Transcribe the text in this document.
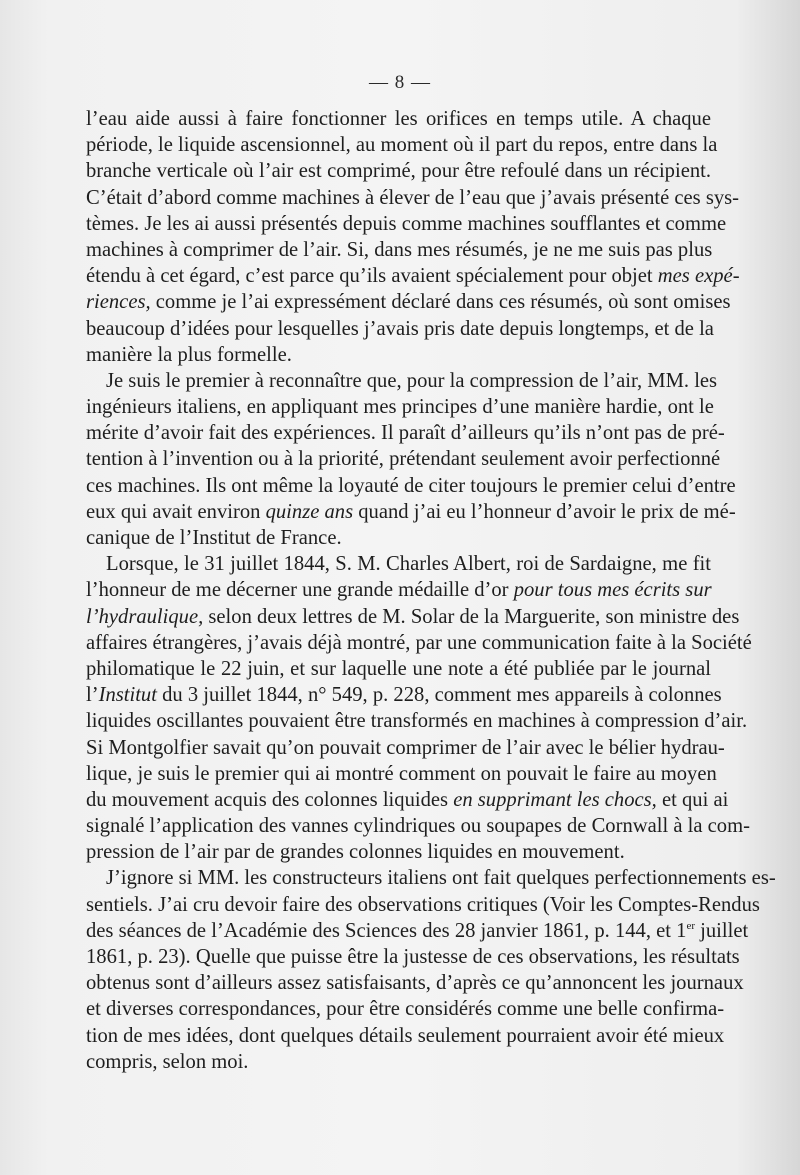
— 8 —
l’eau aide aussi à faire fonctionner les orifices en temps utile. A chaque
période, le liquide ascensionnel, au moment où il part du repos, entre dans la
branche verticale où l’air est comprimé, pour être refoulé dans un récipient.
C’était d’abord comme machines à élever de l’eau que j’avais présenté ces sys-
tèmes. Je les ai aussi présentés depuis comme machines soufflantes et comme
machines à comprimer de l’air. Si, dans mes résumés, je ne me suis pas plus
étendu à cet égard, c’est parce qu’ils avaient spécialement pour objet mes expé-
riences, comme je l’ai expressément déclaré dans ces résumés, où sont omises
beaucoup d’idées pour lesquelles j’avais pris date depuis longtemps, et de la
manière la plus formelle.
Je suis le premier à reconnaître que, pour la compression de l’air, MM. les
ingénieurs italiens, en appliquant mes principes d’une manière hardie, ont le
mérite d’avoir fait des expériences. Il paraît d’ailleurs qu’ils n’ont pas de pré-
tention à l’invention ou à la priorité, prétendant seulement avoir perfectionné
ces machines. Ils ont même la loyauté de citer toujours le premier celui d’entre
eux qui avait environ quinze ans quand j’ai eu l’honneur d’avoir le prix de mé-
canique de l’Institut de France.
Lorsque, le 31 juillet 1844, S. M. Charles Albert, roi de Sardaigne, me fit
l’honneur de me décerner une grande médaille d’or pour tous mes écrits sur
l’hydraulique, selon deux lettres de M. Solar de la Marguerite, son ministre des
affaires étrangères, j’avais déjà montré, par une communication faite à la Société
philomatique le 22 juin, et sur laquelle une note a été publiée par le journal
l’Institut du 3 juillet 1844, n° 549, p. 228, comment mes appareils à colonnes
liquides oscillantes pouvaient être transformés en machines à compression d’air.
Si Montgolfier savait qu’on pouvait comprimer de l’air avec le bélier hydrau-
lique, je suis le premier qui ai montré comment on pouvait le faire au moyen
du mouvement acquis des colonnes liquides en supprimant les chocs, et qui ai
signalé l’application des vannes cylindriques ou soupapes de Cornwall à la com-
pression de l’air par de grandes colonnes liquides en mouvement.
J’ignore si MM. les constructeurs italiens ont fait quelques perfectionnements es-
sentiels. J’ai cru devoir faire des observations critiques (Voir les Comptes-Rendus
des séances de l’Académie des Sciences des 28 janvier 1861, p. 144, et 1er juillet
1861, p. 23). Quelle que puisse être la justesse de ces observations, les résultats
obtenus sont d’ailleurs assez satisfaisants, d’après ce qu’annoncent les journaux
et diverses correspondances, pour être considérés comme une belle confirma-
tion de mes idées, dont quelques détails seulement pourraient avoir été mieux
compris, selon moi.
